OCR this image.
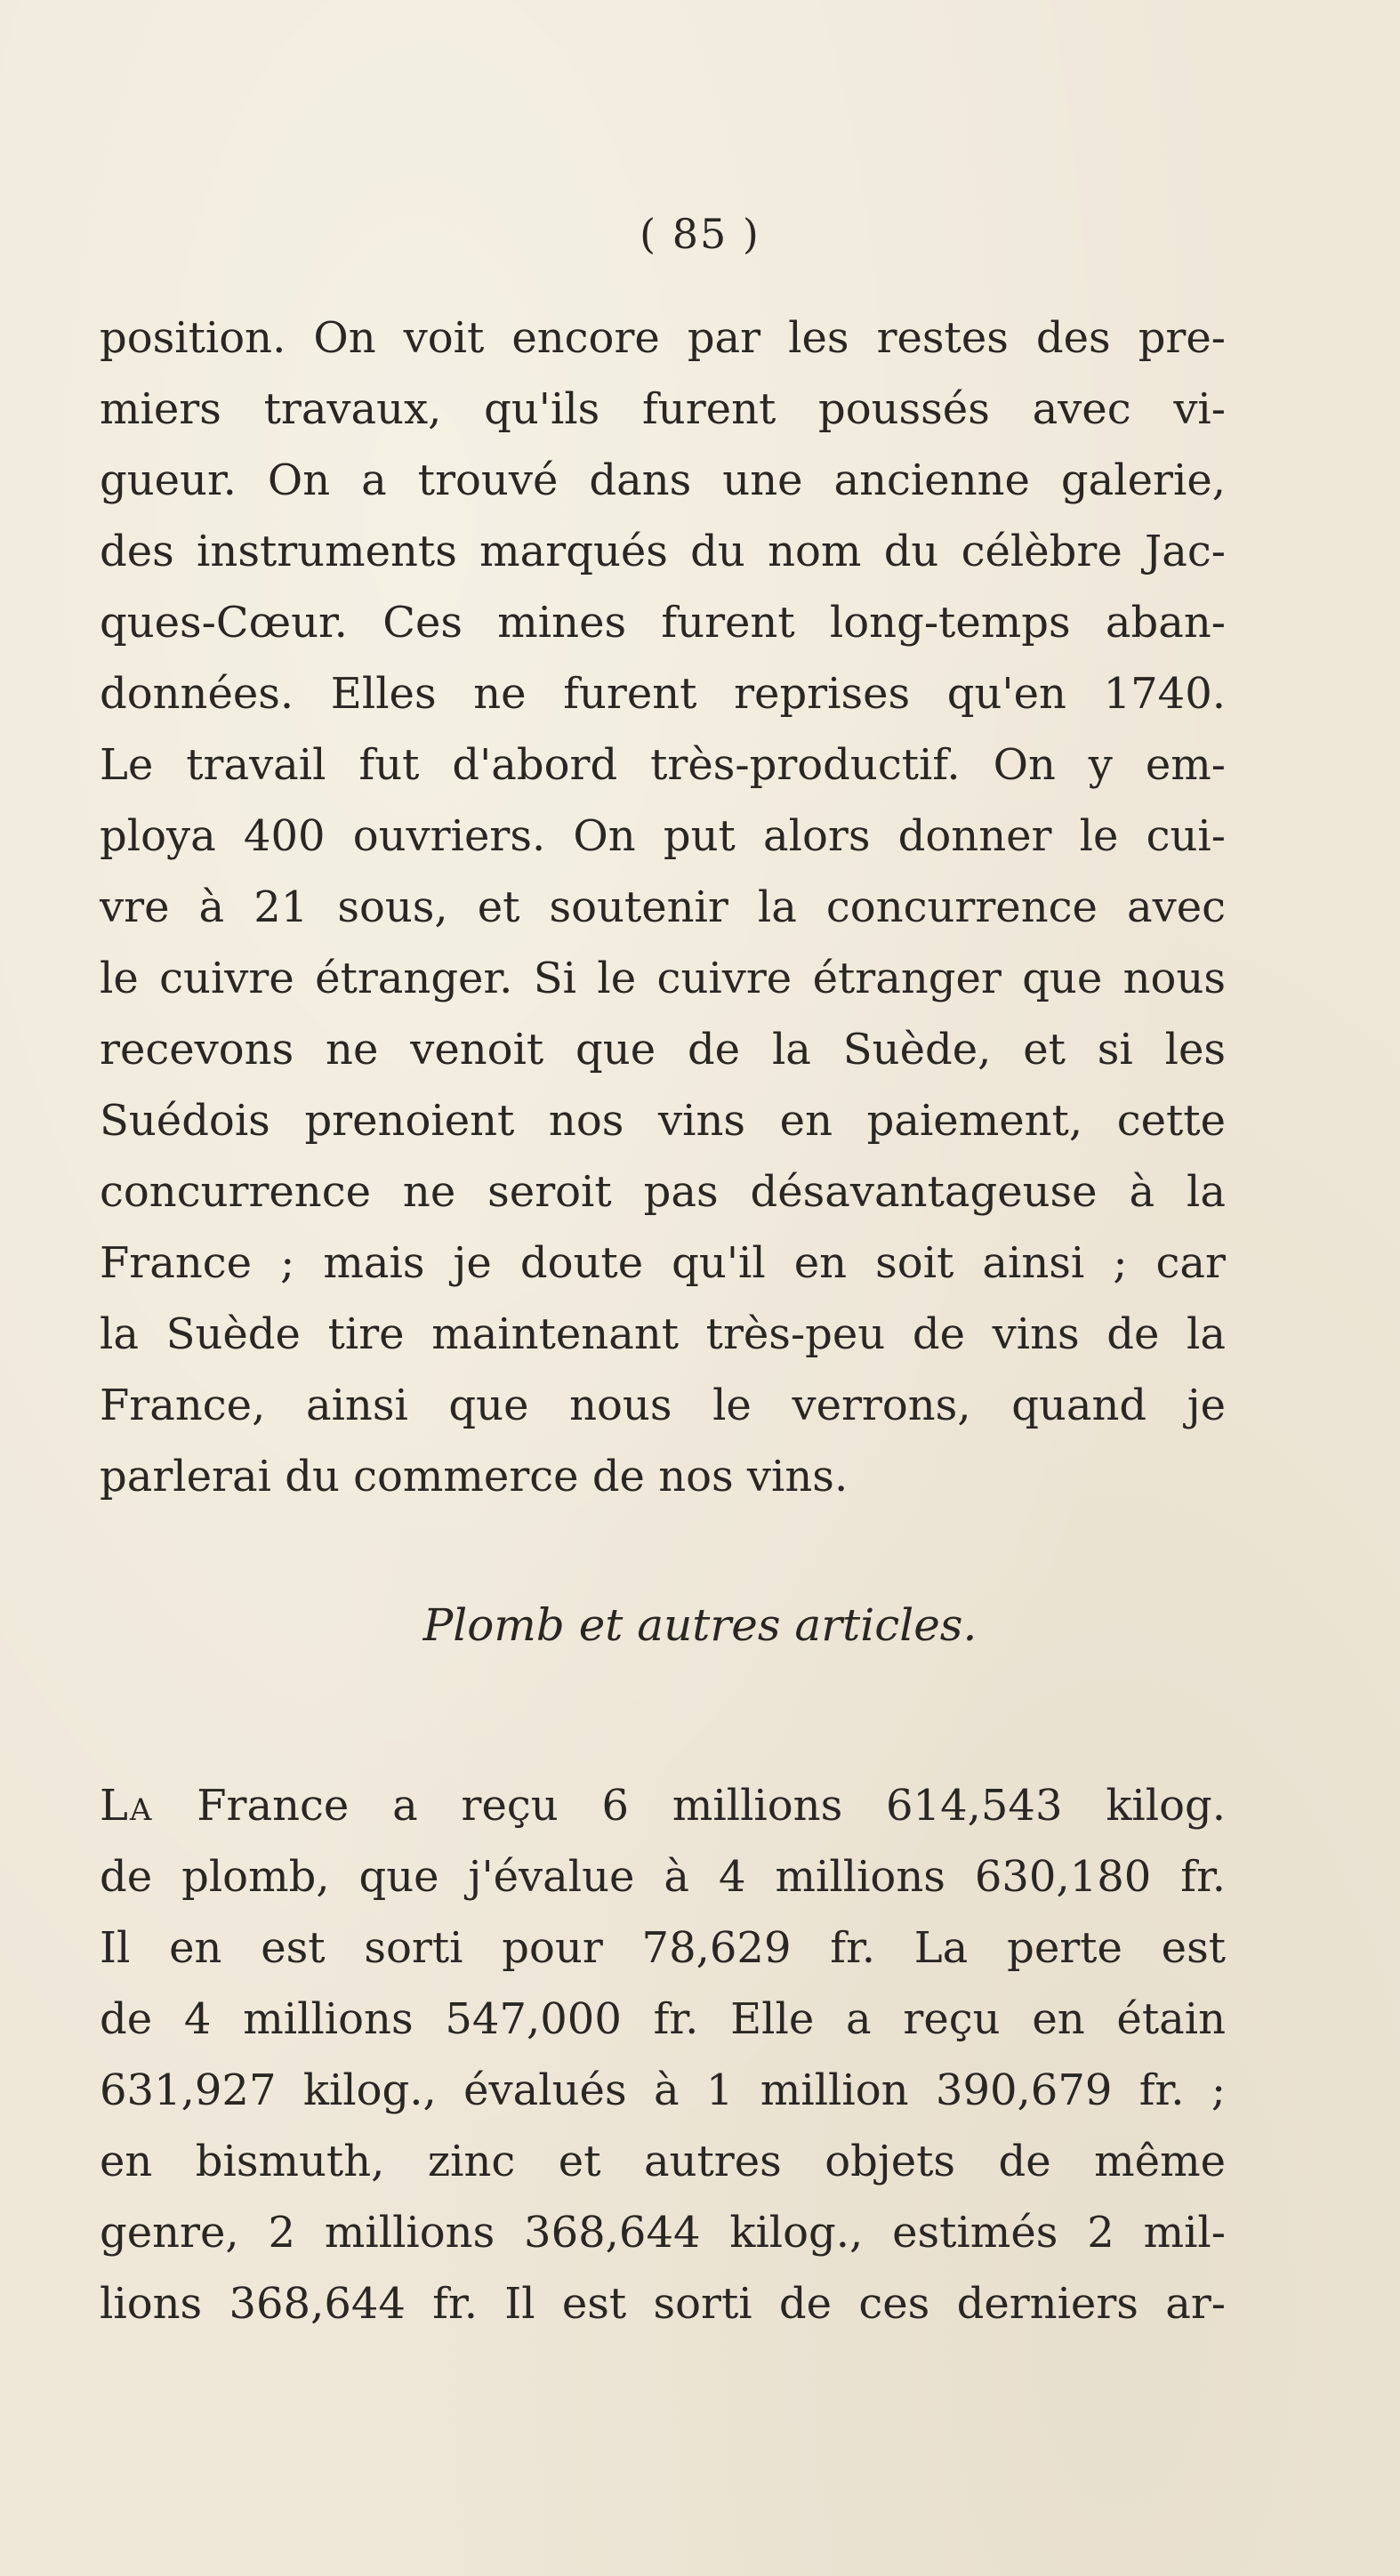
( 85 )
position. On voit encore par les restes des pre-
miers travaux, qu'ils furent poussés avec vi-
gueur. On a trouvé dans une ancienne galerie,
des instruments marqués du nom du célèbre Jac-
ques-Cœur. Ces mines furent long-temps aban-
données. Elles ne furent reprises qu'en 1740.
Le travail fut d'abord très-productif. On y em-
ploya 400 ouvriers. On put alors donner le cui-
vre à 21 sous, et soutenir la concurrence avec
le cuivre étranger. Si le cuivre étranger que nous
recevons ne venoit que de la Suède, et si les
Suédois prenoient nos vins en paiement, cette
concurrence ne seroit pas désavantageuse à la
France ; mais je doute qu'il en soit ainsi ; car
la Suède tire maintenant très-peu de vins de la
France, ainsi que nous le verrons, quand je
parlerai du commerce de nos vins.
Plomb et autres articles.
La France a reçu 6 millions 614,543 kilog.
de plomb, que j'évalue à 4 millions 630,180 fr.
Il en est sorti pour 78,629 fr. La perte est
de 4 millions 547,000 fr. Elle a reçu en étain
631,927 kilog., évalués à 1 million 390,679 fr. ;
en bismuth, zinc et autres objets de même
genre, 2 millions 368,644 kilog., estimés 2 mil-
lions 368,644 fr. Il est sorti de ces derniers ar-
